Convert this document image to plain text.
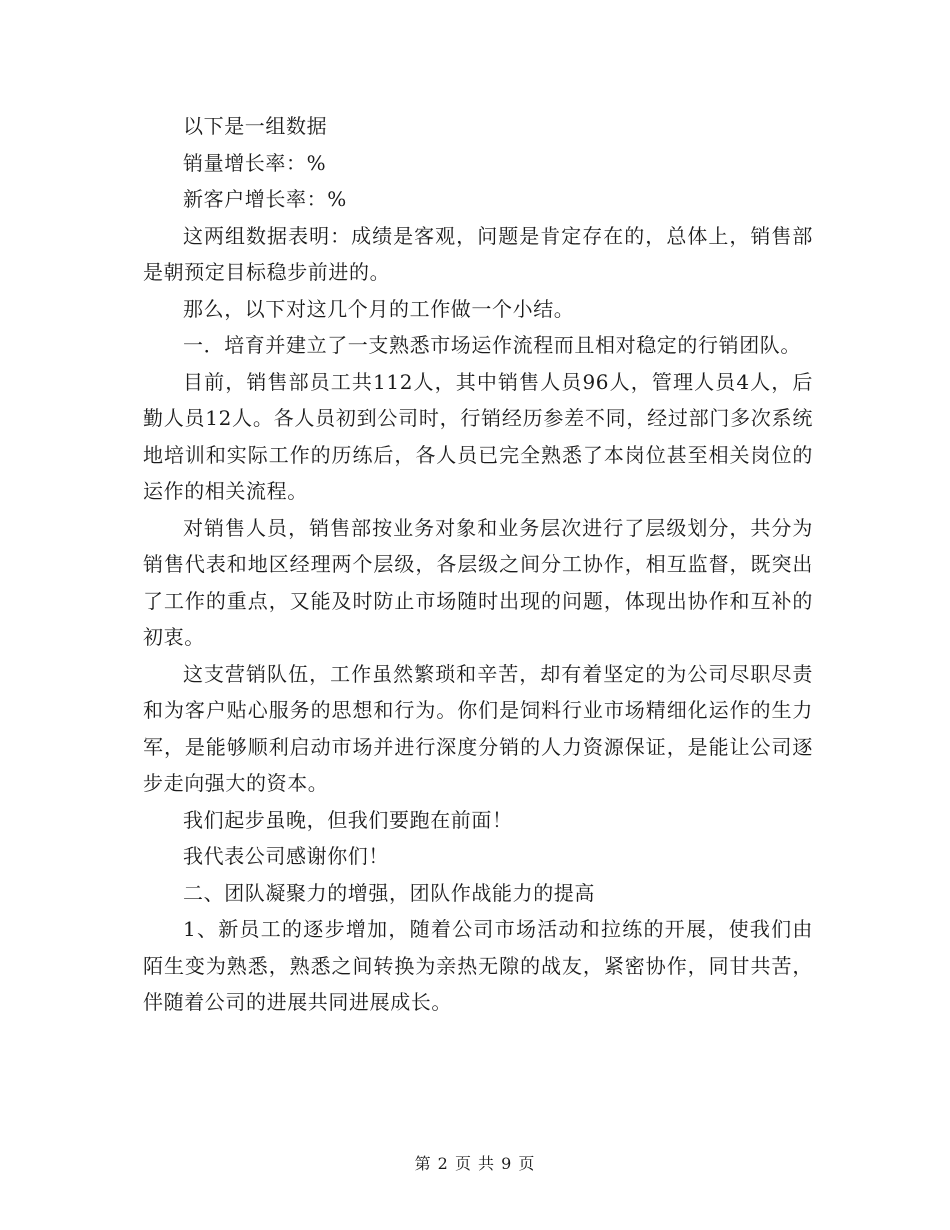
以下是一组数据

销量增长率：%

新客户增长率：%

这两组数据表明：成绩是客观，问题是肯定存在的，总体上，销售部是朝预定目标稳步前进的。

那么，以下对这几个月的工作做一个小结。

一．培育并建立了一支熟悉市场运作流程而且相对稳定的行销团队。

目前，销售部员工共112人，其中销售人员96人，管理人员4人，后勤人员12人。各人员初到公司时，行销经历参差不同，经过部门多次系统地培训和实际工作的历练后，各人员已完全熟悉了本岗位甚至相关岗位的运作的相关流程。

对销售人员，销售部按业务对象和业务层次进行了层级划分，共分为销售代表和地区经理两个层级，各层级之间分工协作，相互监督，既突出了工作的重点，又能及时防止市场随时出现的问题，体现出协作和互补的初衷。

这支营销队伍，工作虽然繁琐和辛苦，却有着坚定的为公司尽职尽责和为客户贴心服务的思想和行为。你们是饲料行业市场精细化运作的生力军，是能够顺利启动市场并进行深度分销的人力资源保证，是能让公司逐步走向强大的资本。

我们起步虽晚，但我们要跑在前面！

我代表公司感谢你们！

二、团队凝聚力的增强，团队作战能力的提高

1、新员工的逐步增加，随着公司市场活动和拉练的开展，使我们由陌生变为熟悉，熟悉之间转换为亲热无隙的战友，紧密协作，同甘共苦，伴随着公司的进展共同进展成长。

第 2 页 共 9 页
